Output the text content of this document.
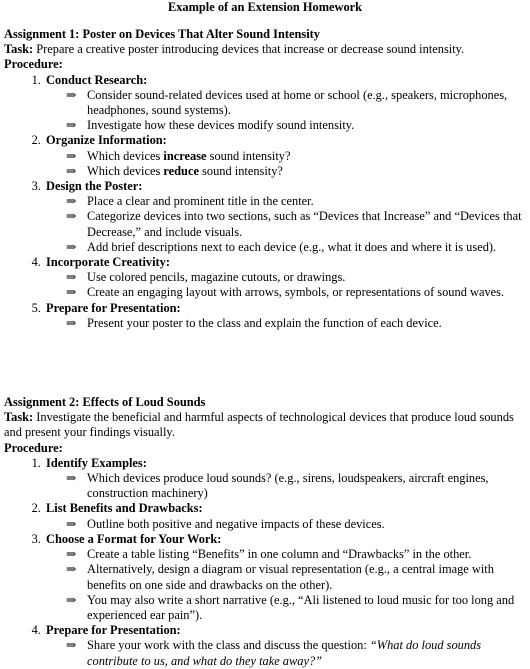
Example of an Extension Homework
Assignment 1: Poster on Devices That Alter Sound Intensity
Task: Prepare a creative poster introducing devices that increase or decrease sound intensity.
Procedure:
1. Conduct Research:
⇒ Consider sound-related devices used at home or school (e.g., speakers, microphones, headphones, sound systems).
⇒ Investigate how these devices modify sound intensity.
2. Organize Information:
⇒ Which devices increase sound intensity?
⇒ Which devices reduce sound intensity?
3. Design the Poster:
⇒ Place a clear and prominent title in the center.
⇒ Categorize devices into two sections, such as “Devices that Increase” and “Devices that Decrease,” and include visuals.
⇒ Add brief descriptions next to each device (e.g., what it does and where it is used).
4. Incorporate Creativity:
⇒ Use colored pencils, magazine cutouts, or drawings.
⇒ Create an engaging layout with arrows, symbols, or representations of sound waves.
5. Prepare for Presentation:
⇒ Present your poster to the class and explain the function of each device.
Assignment 2: Effects of Loud Sounds
Task: Investigate the beneficial and harmful aspects of technological devices that produce loud sounds and present your findings visually.
Procedure:
1. Identify Examples:
⇒ Which devices produce loud sounds? (e.g., sirens, loudspeakers, aircraft engines, construction machinery)
2. List Benefits and Drawbacks:
⇒ Outline both positive and negative impacts of these devices.
3. Choose a Format for Your Work:
⇒ Create a table listing “Benefits” in one column and “Drawbacks” in the other.
⇒ Alternatively, design a diagram or visual representation (e.g., a central image with benefits on one side and drawbacks on the other).
⇒ You may also write a short narrative (e.g., “Ali listened to loud music for too long and experienced ear pain”).
4. Prepare for Presentation:
⇒ Share your work with the class and discuss the question: “What do loud sounds contribute to us, and what do they take away?”
